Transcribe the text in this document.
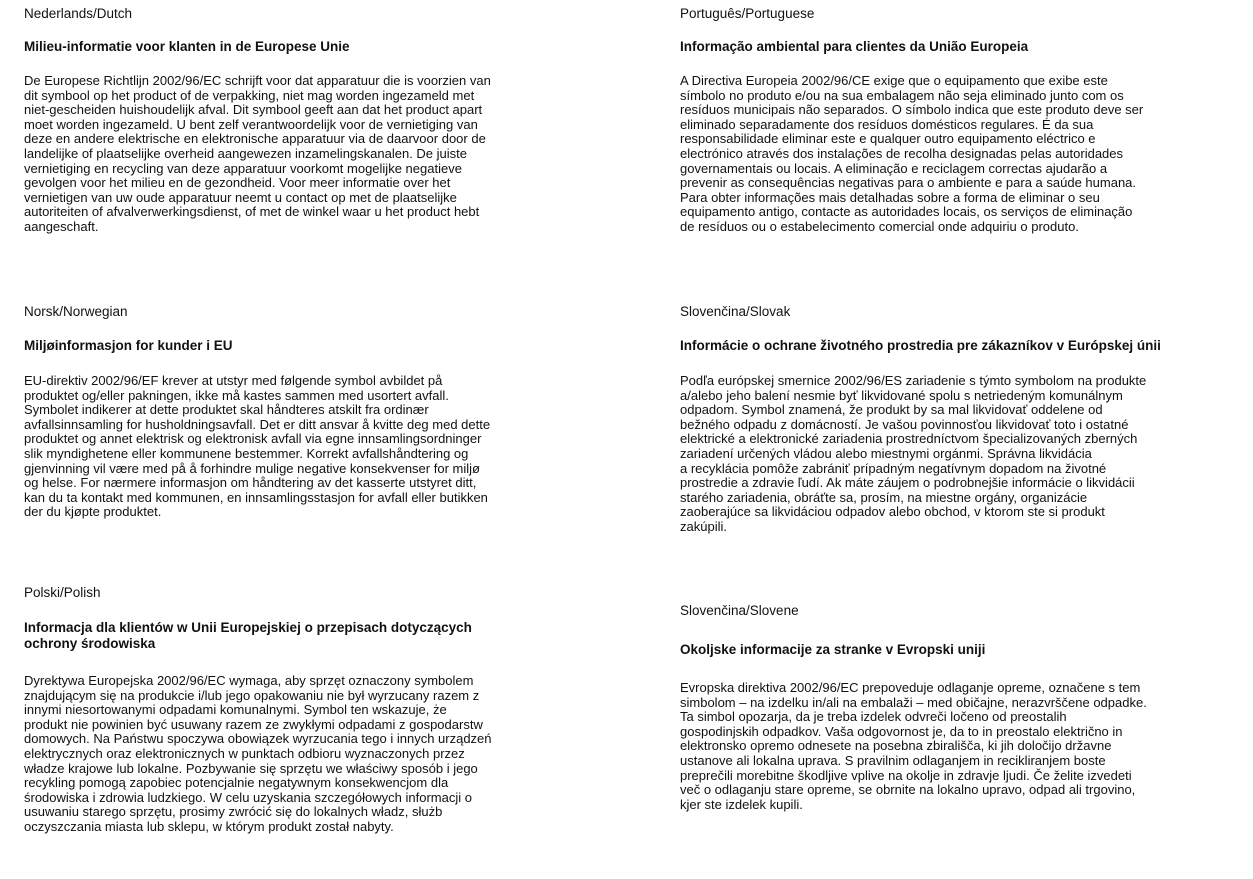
Nederlands/Dutch
Milieu-informatie voor klanten in de Europese Unie
De Europese Richtlijn 2002/96/EC schrijft voor dat apparatuur die is voorzien van
dit symbool op het product of de verpakking, niet mag worden ingezameld met
niet-gescheiden huishoudelijk afval. Dit symbool geeft aan dat het product apart
moet worden ingezameld. U bent zelf verantwoordelijk voor de vernietiging van
deze en andere elektrische en elektronische apparatuur via de daarvoor door de
landelijke of plaatselijke overheid aangewezen inzamelingskanalen. De juiste
vernietiging en recycling van deze apparatuur voorkomt mogelijke negatieve
gevolgen voor het milieu en de gezondheid. Voor meer informatie over het
vernietigen van uw oude apparatuur neemt u contact op met de plaatselijke
autoriteiten of afvalverwerkingsdienst, of met de winkel waar u het product hebt
aangeschaft.
Norsk/Norwegian
Miljøinformasjon for kunder i EU
EU-direktiv 2002/96/EF krever at utstyr med følgende symbol avbildet på
produktet og/eller pakningen, ikke må kastes sammen med usortert avfall.
Symbolet indikerer at dette produktet skal håndteres atskilt fra ordinær
avfallsinnsamling for husholdningsavfall. Det er ditt ansvar å kvitte deg med dette
produktet og annet elektrisk og elektronisk avfall via egne innsamlingsordninger
slik myndighetene eller kommunene bestemmer. Korrekt avfallshåndtering og
gjenvinning vil være med på å forhindre mulige negative konsekvenser for miljø
og helse. For nærmere informasjon om håndtering av det kasserte utstyret ditt,
kan du ta kontakt med kommunen, en innsamlingsstasjon for avfall eller butikken
der du kjøpte produktet.
Polski/Polish
Informacja dla klientów w Unii Europejskiej o przepisach dotyczących
ochrony środowiska
Dyrektywa Europejska 2002/96/EC wymaga, aby sprzęt oznaczony symbolem
znajdującym się na produkcie i/lub jego opakowaniu nie był wyrzucany razem z
innymi niesortowanymi odpadami komunalnymi. Symbol ten wskazuje, że
produkt nie powinien być usuwany razem ze zwykłymi odpadami z gospodarstw
domowych. Na Państwu spoczywa obowiązek wyrzucania tego i innych urządzeń
elektrycznych oraz elektronicznych w punktach odbioru wyznaczonych przez
władze krajowe lub lokalne. Pozbywanie się sprzętu we właściwy sposób i jego
recykling pomogą zapobiec potencjalnie negatywnym konsekwencjom dla
środowiska i zdrowia ludzkiego. W celu uzyskania szczegółowych informacji o
usuwaniu starego sprzętu, prosimy zwrócić się do lokalnych władz, służb
oczyszczania miasta lub sklepu, w którym produkt został nabyty.
Português/Portuguese
Informação ambiental para clientes da União Europeia
A Directiva Europeia 2002/96/CE exige que o equipamento que exibe este
símbolo no produto e/ou na sua embalagem não seja eliminado junto com os
resíduos municipais não separados. O símbolo indica que este produto deve ser
eliminado separadamente dos resíduos domésticos regulares. É da sua
responsabilidade eliminar este e qualquer outro equipamento eléctrico e
electrónico através dos instalações de recolha designadas pelas autoridades
governamentais ou locais. A eliminação e reciclagem correctas ajudarão a
prevenir as consequências negativas para o ambiente e para a saúde humana.
Para obter informações mais detalhadas sobre a forma de eliminar o seu
equipamento antigo, contacte as autoridades locais, os serviços de eliminação
de resíduos ou o estabelecimento comercial onde adquiriu o produto.
Slovenčina/Slovak
Informácie o ochrane životného prostredia pre zákazníkov v Európskej únii
Podľa európskej smernice 2002/96/ES zariadenie s týmto symbolom na produkte
a/alebo jeho balení nesmie byť likvidované spolu s netriedeným komunálnym
odpadom. Symbol znamená, že produkt by sa mal likvidovať oddelene od
bežného odpadu z domácností. Je vašou povinnosťou likvidovať toto i ostatné
elektrické a elektronické zariadenia prostredníctvom špecializovaných zberných
zariadení určených vládou alebo miestnymi orgánmi. Správna likvidácia
a recyklácia pomôže zabrániť prípadným negatívnym dopadom na životné
prostredie a zdravie ľudí. Ak máte záujem o podrobnejšie informácie o likvidácii
starého zariadenia, obráťte sa, prosím, na miestne orgány, organizácie
zaoberajúce sa likvidáciou odpadov alebo obchod, v ktorom ste si produkt
zakúpili.
Slovenčina/Slovene
Okoljske informacije za stranke v Evropski uniji
Evropska direktiva 2002/96/EC prepoveduje odlaganje opreme, označene s tem
simbolom – na izdelku in/ali na embalaži – med običajne, nerazvrščene odpadke.
Ta simbol opozarja, da je treba izdelek odvreči ločeno od preostalih
gospodinjskih odpadkov. Vaša odgovornost je, da to in preostalo električno in
elektronsko opremo odnesete na posebna zbirališča, ki jih določijo državne
ustanove ali lokalna uprava. S pravilnim odlaganjem in recikliranjem boste
preprečili morebitne škodljive vplive na okolje in zdravje ljudi. Če želite izvedeti
več o odlaganju stare opreme, se obrnite na lokalno upravo, odpad ali trgovino,
kjer ste izdelek kupili.
